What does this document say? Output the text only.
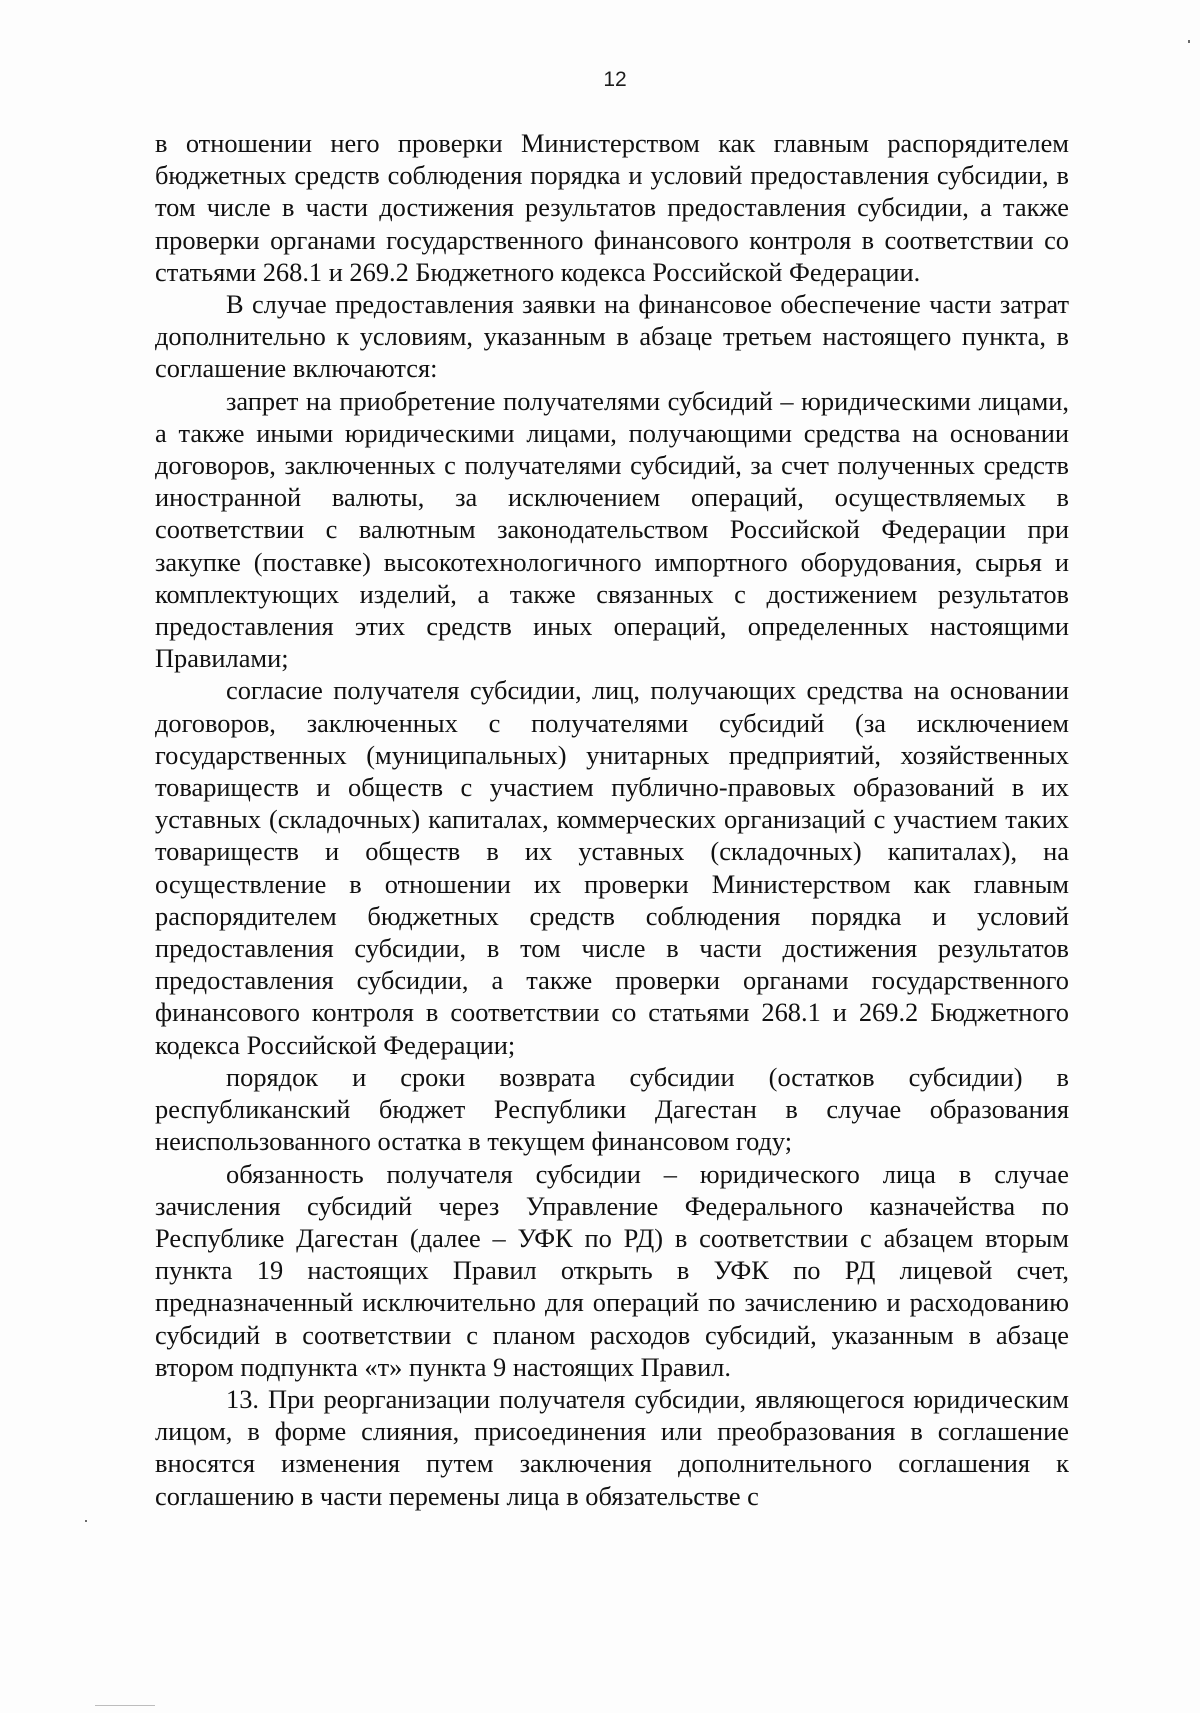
12

в отношении него проверки Министерством как главным распорядителем бюджетных средств соблюдения порядка и условий предоставления субсидии, в том числе в части достижения результатов предоставления субсидии, а также проверки органами государственного финансового контроля в соответствии со статьями 268.1 и 269.2 Бюджетного кодекса Российской Федерации.

В случае предоставления заявки на финансовое обеспечение части затрат дополнительно к условиям, указанным в абзаце третьем настоящего пункта, в соглашение включаются:

запрет на приобретение получателями субсидий – юридическими лицами, а также иными юридическими лицами, получающими средства на основании договоров, заключенных с получателями субсидий, за счет полученных средств иностранной валюты, за исключением операций, осуществляемых в соответствии с валютным законодательством Российской Федерации при закупке (поставке) высокотехнологичного импортного оборудования, сырья и комплектующих изделий, а также связанных с достижением результатов предоставления этих средств иных операций, определенных настоящими Правилами;

согласие получателя субсидии, лиц, получающих средства на основании договоров, заключенных с получателями субсидий (за исключением государственных (муниципальных) унитарных предприятий, хозяйственных товариществ и обществ с участием публично-правовых образований в их уставных (складочных) капиталах, коммерческих организаций с участием таких товариществ и обществ в их уставных (складочных) капиталах), на осуществление в отношении их проверки Министерством как главным распорядителем бюджетных средств соблюдения порядка и условий предоставления субсидии, в том числе в части достижения результатов предоставления субсидии, а также проверки органами государственного финансового контроля в соответствии со статьями 268.1 и 269.2 Бюджетного кодекса Российской Федерации;

порядок и сроки возврата субсидии (остатков субсидии) в республиканский бюджет Республики Дагестан в случае образования неиспользованного остатка в текущем финансовом году;

обязанность получателя субсидии – юридического лица в случае зачисления субсидий через Управление Федерального казначейства по Республике Дагестан (далее – УФК по РД) в соответствии с абзацем вторым пункта 19 настоящих Правил открыть в УФК по РД лицевой счет, предназначенный исключительно для операций по зачислению и расходованию субсидий в соответствии с планом расходов субсидий, указанным в абзаце втором подпункта «т» пункта 9 настоящих Правил.

13. При реорганизации получателя субсидии, являющегося юридическим лицом, в форме слияния, присоединения или преобразования в соглашение вносятся изменения путем заключения дополнительного соглашения к соглашению в части перемены лица в обязательстве с
